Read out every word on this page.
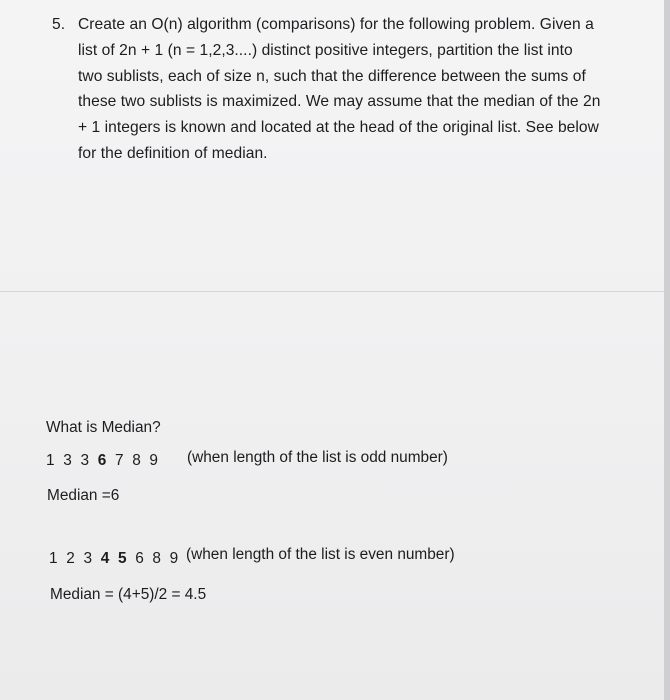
5. Create an O(n) algorithm (comparisons) for the following problem. Given a
list of 2n + 1 (n = 1,2,3....) distinct positive integers, partition the list into
two sublists, each of size n, such that the difference between the sums of
these two sublists is maximized. We may assume that the median of the 2n
+ 1 integers is known and located at the head of the original list. See below
for the definition of median.
What is Median?
1 3 3 6 7 8 9 (when length of the list is odd number)
Median =6
1 2 3 4 5 6 8 9 (when length of the list is even number)
Median = (4+5)/2 = 4.5
